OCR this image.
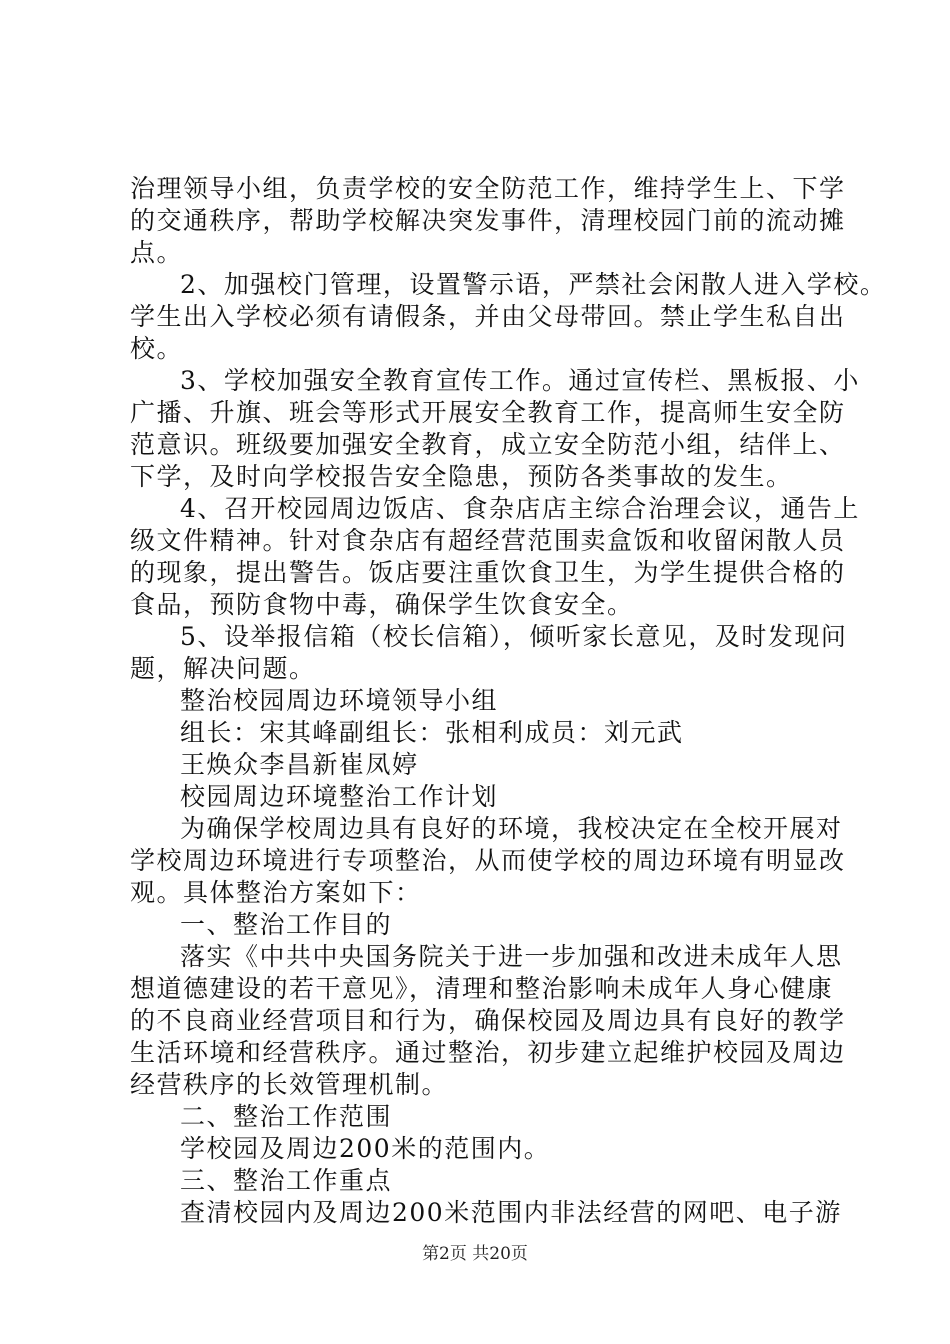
治理领导小组，负责学校的安全防范工作，维持学生上、下学
的交通秩序，帮助学校解决突发事件，清理校园门前的流动摊
点。
2、加强校门管理，设置警示语，严禁社会闲散人进入学校。
学生出入学校必须有请假条，并由父母带回。禁止学生私自出
校。
3、学校加强安全教育宣传工作。通过宣传栏、黑板报、小
广播、升旗、班会等形式开展安全教育工作，提高师生安全防
范意识。班级要加强安全教育，成立安全防范小组，结伴上、
下学，及时向学校报告安全隐患，预防各类事故的发生。
4、召开校园周边饭店、食杂店店主综合治理会议，通告上
级文件精神。针对食杂店有超经营范围卖盒饭和收留闲散人员
的现象，提出警告。饭店要注重饮食卫生，为学生提供合格的
食品，预防食物中毒，确保学生饮食安全。
5、设举报信箱（校长信箱），倾听家长意见，及时发现问
题，解决问题。
整治校园周边环境领导小组
组长：宋其峰副组长：张相利成员：刘元武
王焕众李昌新崔凤婷
校园周边环境整治工作计划
为确保学校周边具有良好的环境，我校决定在全校开展对
学校周边环境进行专项整治，从而使学校的周边环境有明显改
观。具体整治方案如下：
一、整治工作目的
落实《中共中央国务院关于进一步加强和改进未成年人思
想道德建设的若干意见》，清理和整治影响未成年人身心健康
的不良商业经营项目和行为，确保校园及周边具有良好的教学
生活环境和经营秩序。通过整治，初步建立起维护校园及周边
经营秩序的长效管理机制。
二、整治工作范围
学校园及周边200米的范围内。
三、整治工作重点
查清校园内及周边200米范围内非法经营的网吧、电子游
第2页 共20页
